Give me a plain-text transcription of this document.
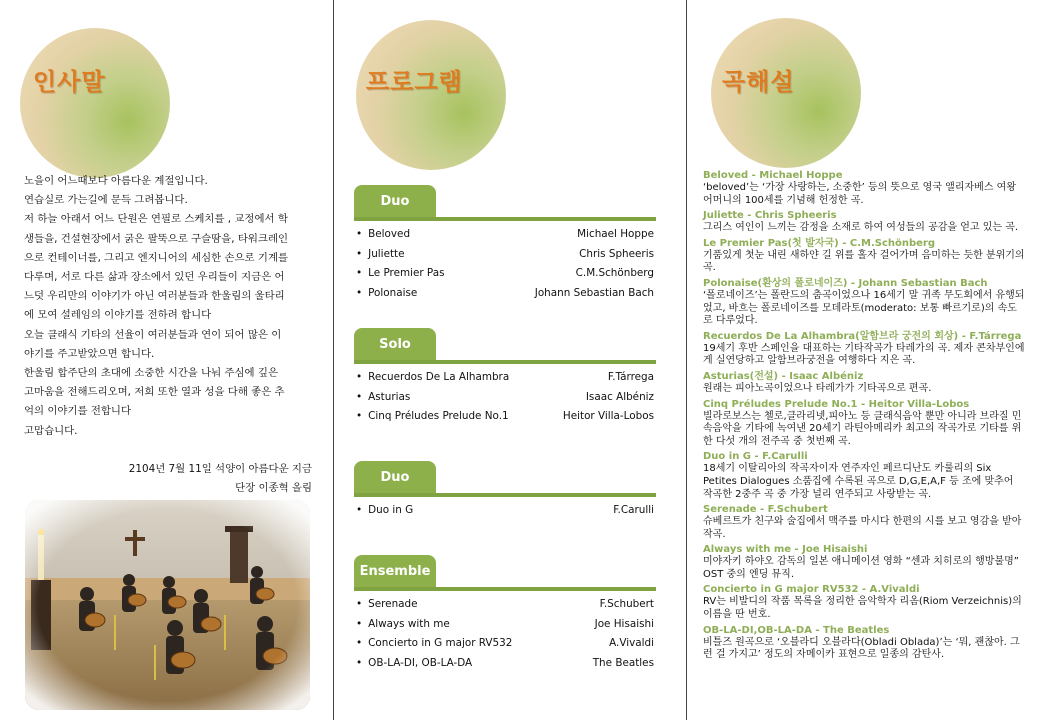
인사말
노을이 어느때보다 아름다운 계절입니다.
연습실로 가는길에 문득 그려봅니다.
저 하늘 아래서 어느 단원은 연필로 스케치를 , 교정에서 학
생들을, 건설현장에서 굵은 팔뚝으로 구슬땀을, 타워크레인
으로 컨테이너를, 그리고 엔지니어의 세심한 손으로 기계를
다루며, 서로 다른 삶과 장소에서 있던 우리들이 지금은 어
느덧 우리만의 이야기가 아닌 여러분들과 한울림의 울타리
에 모여 설레임의 이야기를 전하려 합니다
오늘 클래식 기타의 선율이 여러분들과 연이 되어 많은 이
야기를 주고받았으면 합니다.
한울림 합주단의 초대에 소중한 시간을 나눠 주심에 깊은
고마움을 전해드리오며, 저희 또한 열과 성을 다해 좋은 추
억의 이야기를 전합니다
고맙습니다.
2104년 7월 11일 석양이 아름다운 지금
단장 이종혁 올림
프로그램
Duo
• Beloved	Michael Hoppe
• Juliette	Chris Spheeris
• Le Premier Pas	C.M.Schönberg
• Polonaise	Johann Sebastian Bach
Solo
• Recuerdos De La Alhambra	F.Tárrega
• Asturias	Isaac Albéniz
• Cinq Préludes Prelude No.1	Heitor Villa-Lobos
Duo
• Duo in G	F.Carulli
Ensemble
• Serenade	F.Schubert
• Always with me	Joe Hisaishi
• Concierto in G major RV532	A.Vivaldi
• OB-LA-DI, OB-LA-DA	The Beatles
곡해설
Beloved - Michael Hoppe
‘beloved’는 ‘가장 사랑하는, 소중한’ 등의 뜻으로 영국 앨리자베스 여왕 어머니의 100세를 기념해 헌정한 곡.
Juliette - Chris Spheeris
그리스 여인이 느끼는 감정을 소재로 하여 여성들의 공감을 얻고 있는 곡.
Le Premier Pas(첫 발자국) - C.M.Schönberg
기품있게 첫눈 내린 새하얀 길 위를 홀자 걸어가며 음미하는 듯한 분위기의 곡.
Polonaise(환상의 폴로네이즈) - Johann Sebastian Bach
‘폴로네이즈’는 폴란드의 춤곡이었으나 16세기 말 귀족 무도회에서 유행되었고, 바흐는 폴로네이즈를 모데라토(moderato: 보통 빠르기로)의 속도로 다루었다.
Recuerdos De La Alhambra(알함브라 궁전의 회상) - F.Tárrega
19세기 후반 스페인을 대표하는 기타작곡가 타레가의 곡. 제자 콘차부인에게 실연당하고 알함브라궁전을 여행하다 지은 곡.
Asturias(전설) - Isaac Albéniz
원래는 피아노곡이었으나 타레가가 기타곡으로 편곡.
Cinq Préludes Prelude No.1 - Heitor Villa-Lobos
빌라로보스는 첼로,클라리넷,피아노 등 클래식음악 뿐만 아니라 브라질 민속음악을 기타에 녹여낸 20세기 라틴아메리카 최고의 작곡가로 기타를 위한 다섯 개의 전주곡 중 첫번째 곡.
Duo in G - F.Carulli
18세기 이탈리아의 작곡자이자 연주자인 페르디난도 카룰리의 Six Petites Dialogues 소품집에 수록된 곡으로 D,G,E,A,F 등 조에 맞추어 작곡한 2중주 곡 중 가장 널리 연주되고 사랑받는 곡.
Serenade - F.Schubert
슈베르트가 친구와 술집에서 맥주를 마시다 한편의 시를 보고 영감을 받아 작곡.
Always with me - Joe Hisaishi
미야자키 하야오 감독의 일본 애니메이션 영화 “센과 치히로의 행방불명” OST 중의 엔딩 뮤직.
Concierto in G major RV532 - A.Vivaldi
RV는 비발디의 작품 목록을 정리한 음악학자 리옴(Riom Verzeichnis)의 이름을 딴 번호.
OB-LA-DI,OB-LA-DA - The Beatles
비틀즈 원곡으로 ‘오블라디 오블라다(Obladi Oblada)’는 ‘뭐, 괜찮아. 그런 걸 가지고’ 정도의 자메이카 표현으로 일종의 감탄사.
